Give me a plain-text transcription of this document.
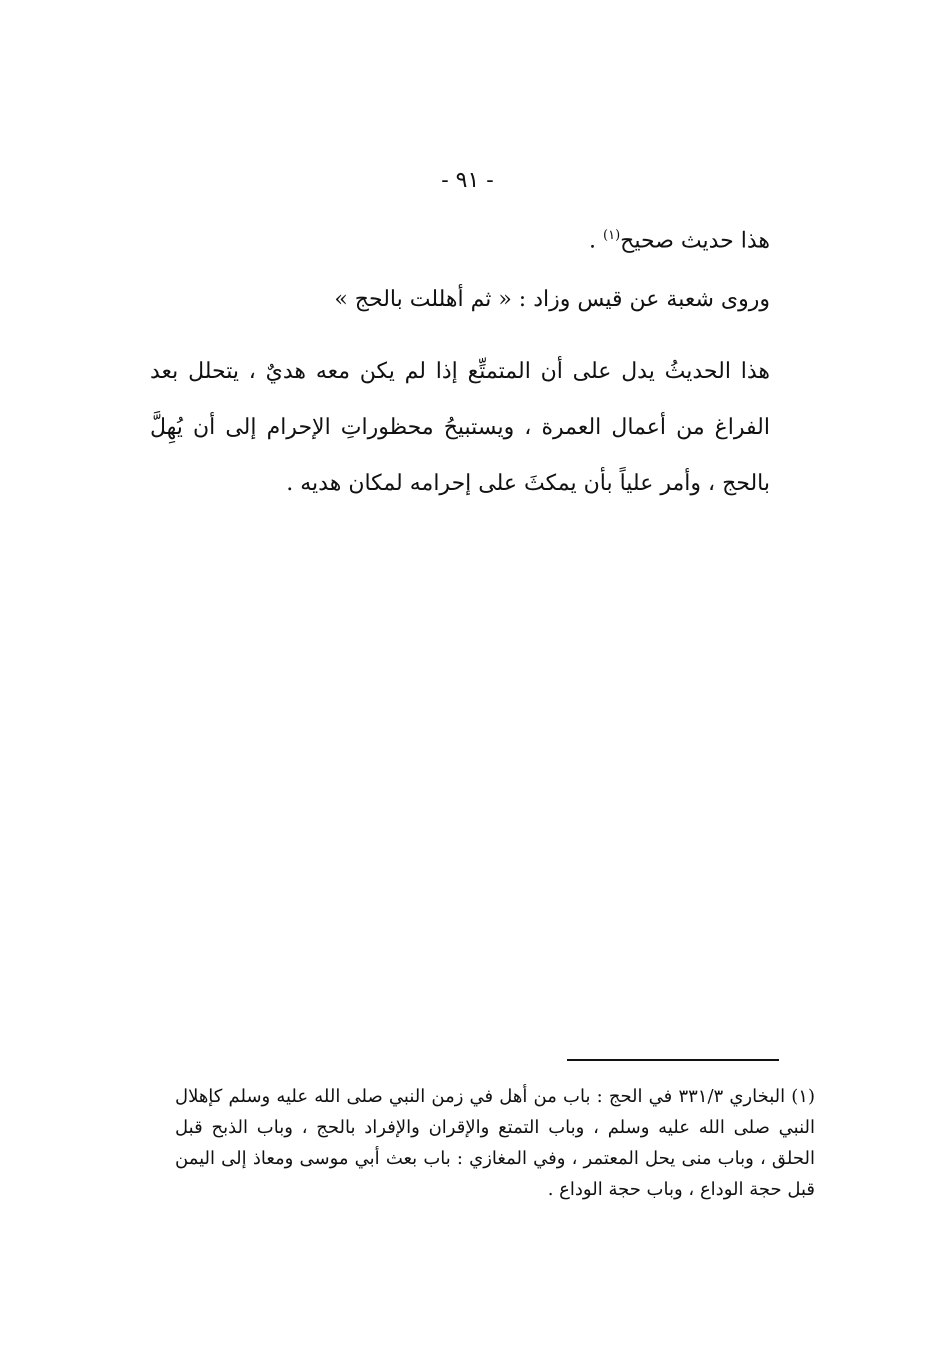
- ٩١ -
هذا حديث صحيح$^{(١)}$ .
وروى شعبة عن قيس وزاد : « ثم أهللت بالحج »
هذا الحديثُ يدل على أن المتمتِّع إذا لم يكن معه هديٌ ، يتحلل بعد الفراغ من أعمال العمرة ، ويستبيحُ محظوراتِ الإحرام إلى أن يُهِلَّ بالحج ، وأمر علياً بأن يمكثَ على إحرامه لمكان هديه .
(١) البخاري ٣٣١/٣ في الحج : باب من أهل في زمن النبي صلى الله عليه وسلم كإهلال النبي صلى الله عليه وسلم ، وباب التمتع والإقران والإفراد بالحج ، وباب الذبح قبل الحلق ، وباب منى يحل المعتمر ، وفي المغازي : باب بعث أبي موسى ومعاذ إلى اليمن قبل حجة الوداع ، وباب حجة الوداع .
